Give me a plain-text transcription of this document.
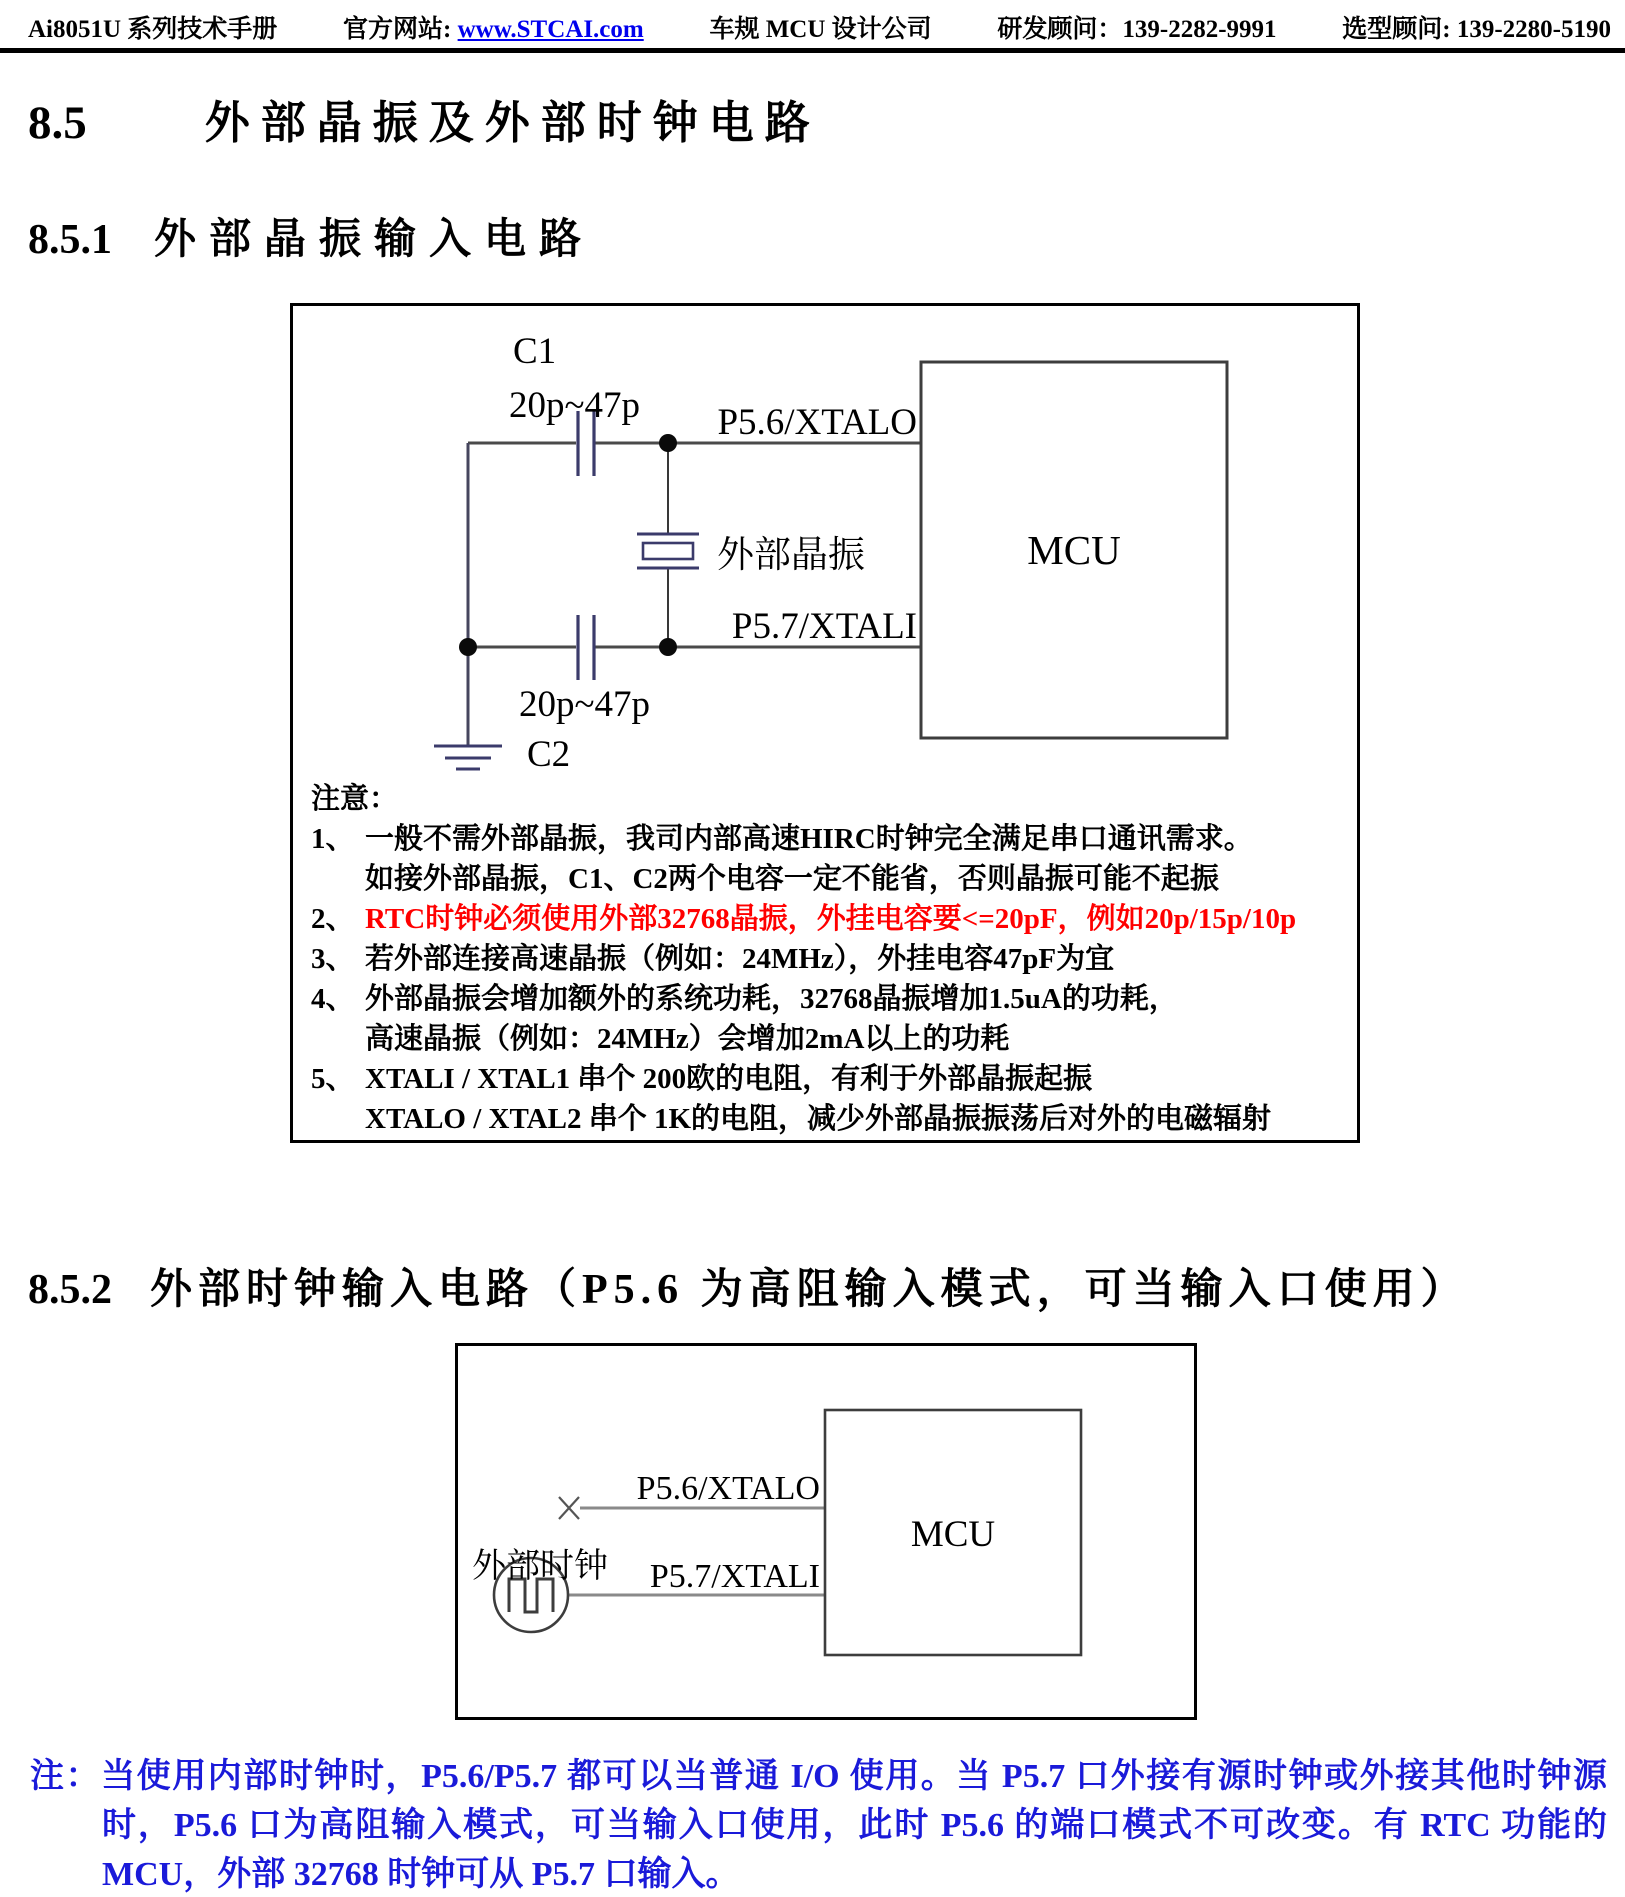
Ai8051U 系列技术手册	官方网站: www.STCAI.com	车规 MCU 设计公司	研发顾问：139-2282-9991	选型顾问: 139-2280-5190
8.5	外部晶振及外部时钟电路
8.5.1 外部晶振输入电路
C1
20p~47p P5.6/XTALO
外部晶振
P5.7/XTALI
20p~47p
C2
MCU
注意：
1、 一般不需外部晶振，我司内部高速HIRC时钟完全满足串口通讯需求。
如接外部晶振，C1、C2两个电容一定不能省，否则晶振可能不起振
2、 RTC时钟必须使用外部32768晶振，外挂电容要<=20pF，例如20p/15p/10p
3、 若外部连接高速晶振（例如：24MHz），外挂电容47pF为宜
4、 外部晶振会增加额外的系统功耗，32768晶振增加1.5uA的功耗，
高速晶振（例如：24MHz）会增加2mA以上的功耗
5、 XTALI / XTAL1 串个 200欧的电阻，有利于外部晶振起振
XTALO / XTAL2 串个 1K的电阻，减少外部晶振振荡后对外的电磁辐射
8.5.2 外部时钟输入电路（P5.6 为高阻输入模式，可当输入口使用）
P5.6/XTALO
外部时钟 P5.7/XTALI
MCU
注：当使用内部时钟时，P5.6/P5.7 都可以当普通 I/O 使用。当 P5.7 口外接有源时钟或外接其他时钟源
时，P5.6 口为高阻输入模式，可当输入口使用，此时 P5.6 的端口模式不可改变。有 RTC 功能的
MCU，外部 32768 时钟可从 P5.7 口输入。
